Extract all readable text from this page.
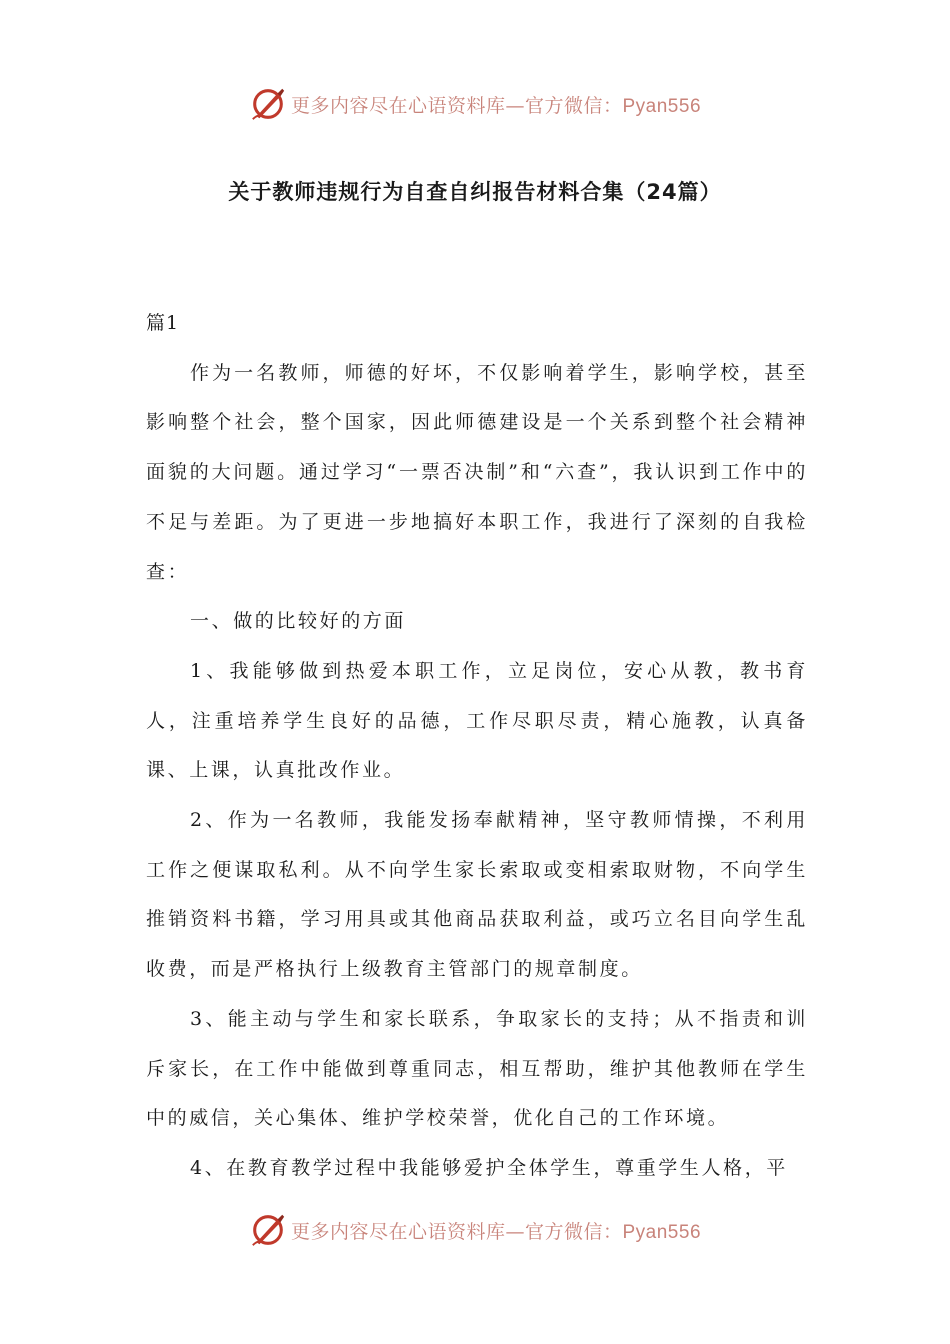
更多内容尽在心语资料库—官方微信：Pyan556
关于教师违规行为自查自纠报告材料合集（24篇）

篇1

作为一名教师，师德的好坏，不仅影响着学生，影响学校，甚至影响整个社会，整个国家，因此师德建设是一个关系到整个社会精神面貌的大问题。通过学习“一票否决制”和“六查”，我认识到工作中的不足与差距。为了更进一步地搞好本职工作，我进行了深刻的自我检查：

一、做的比较好的方面

1、我能够做到热爱本职工作，立足岗位，安心从教，教书育人，注重培养学生良好的品德，工作尽职尽责，精心施教，认真备课、上课，认真批改作业。

2、作为一名教师，我能发扬奉献精神，坚守教师情操，不利用工作之便谋取私利。从不向学生家长索取或变相索取财物，不向学生推销资料书籍，学习用具或其他商品获取利益，或巧立名目向学生乱收费，而是严格执行上级教育主管部门的规章制度。

3、能主动与学生和家长联系，争取家长的支持；从不指责和训斥家长，在工作中能做到尊重同志，相互帮助，维护其他教师在学生中的威信，关心集体、维护学校荣誉，优化自己的工作环境。

4、在教育教学过程中我能够爱护全体学生，尊重学生人格，平

更多内容尽在心语资料库—官方微信：Pyan556
